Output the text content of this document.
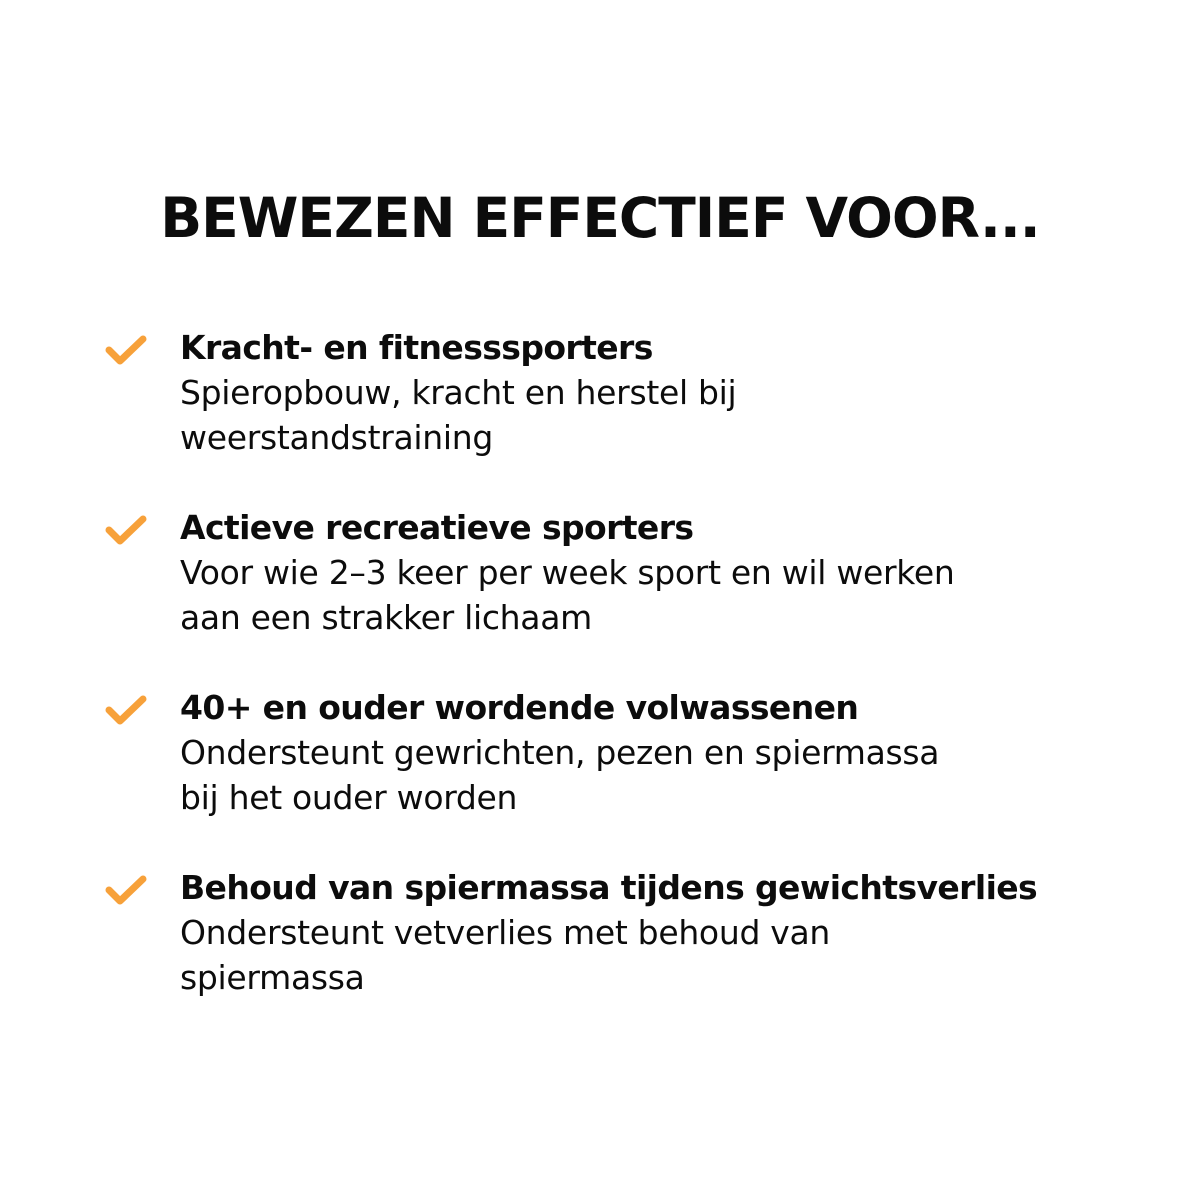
BEWEZEN EFFECTIEF VOOR...
Kracht- en fitnesssporters
Spieropbouw, kracht en herstel bij
weerstandstraining
Actieve recreatieve sporters
Voor wie 2–3 keer per week sport en wil werken
aan een strakker lichaam
40+ en ouder wordende volwassenen
Ondersteunt gewrichten, pezen en spiermassa
bij het ouder worden
Behoud van spiermassa tijdens gewichtsverlies
Ondersteunt vetverlies met behoud van
spiermassa
